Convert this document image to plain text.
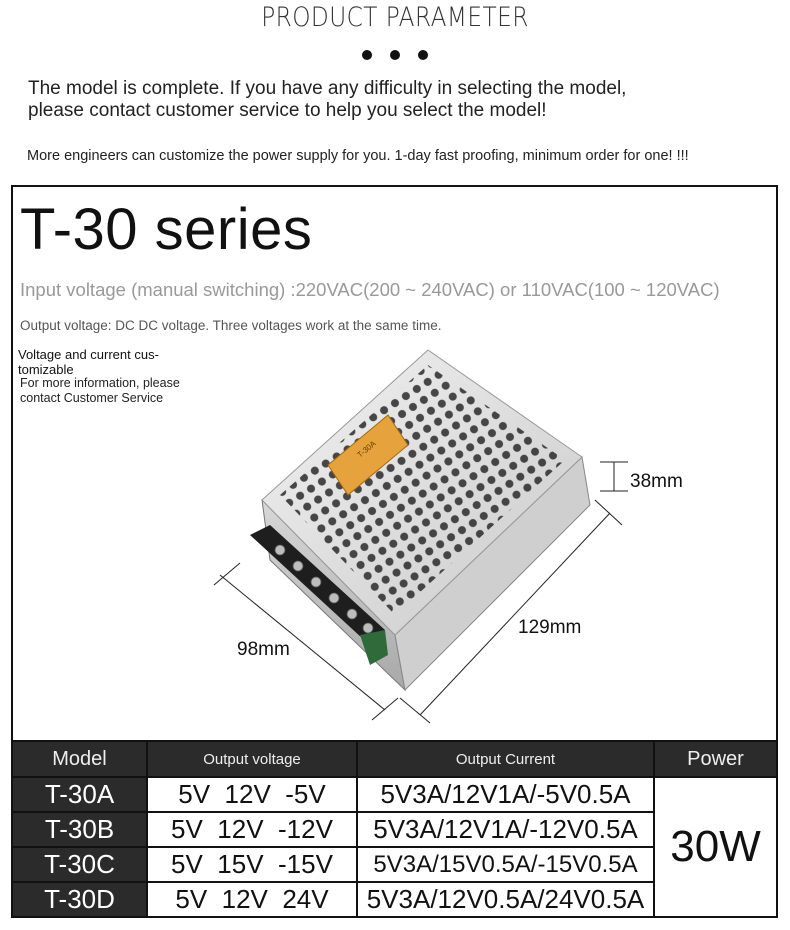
PRODUCT PARAMETER
The model is complete. If you have any difficulty in selecting the model,
please contact customer service to help you select the model!
More engineers can customize the power supply for you. 1-day fast proofing, minimum order for one! !!!
T-30 series
Input voltage (manual switching) :220VAC(200 ~ 240VAC) or 110VAC(100 ~ 120VAC)
Output voltage: DC DC voltage. Three voltages work at the same time.
Voltage and current cus-
tomizable
For more information, please
contact Customer Service
T-30A
38mm
129mm
98mm
Model	Output voltage	Output Current	Power
T-30A	5V  12V  -5V	5V3A/12V1A/-5V0.5A	30W
T-30B	5V  12V  -12V	5V3A/12V1A/-12V0.5A	
T-30C	5V  15V  -15V	5V3A/15V0.5A/-15V0.5A	
T-30D	5V  12V  24V	5V3A/12V0.5A/24V0.5A	
